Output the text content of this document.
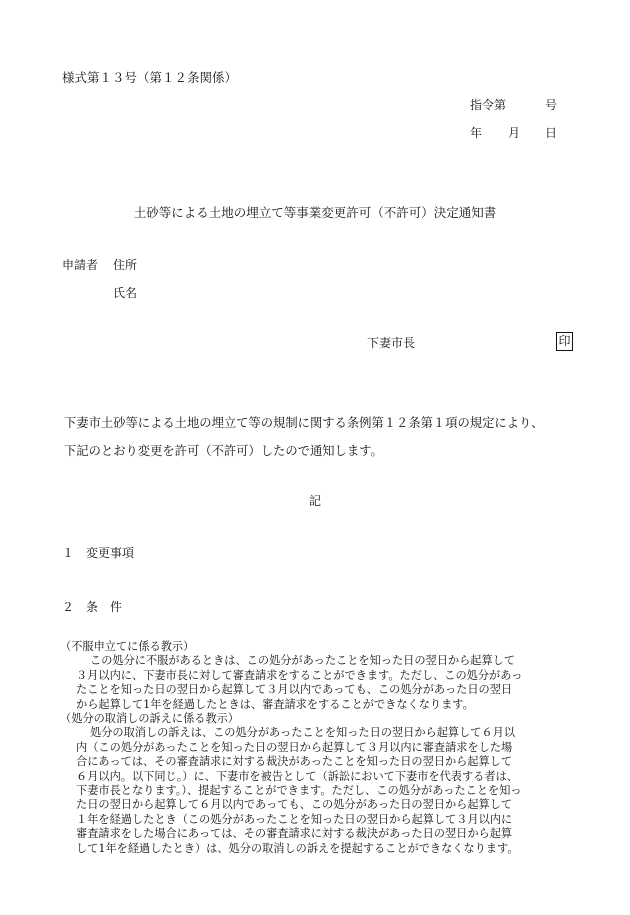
様式第１３号（第１２条関係）
指令第	号
年 月 日
土砂等による土地の埋立て等事業変更許可（不許可）決定通知書
申請者 住所
氏名
下妻市長	印
下妻市土砂等による土地の埋立て等の規制に関する条例第１２条第１項の規定により、
下記のとおり変更を許可（不許可）したので通知します。
記
１ 変更事項
２ 条件
（不服申立てに係る教示）
この処分に不服があるときは、この処分があったことを知った日の翌日から起算して
３月以内に、下妻市長に対して審査請求をすることができます。ただし、この処分があっ
たことを知った日の翌日から起算して３月以内であっても、この処分があった日の翌日
から起算して1年を経過したときは、審査請求をすることができなくなります。
（処分の取消しの訴えに係る教示）
処分の取消しの訴えは、この処分があったことを知った日の翌日から起算して６月以
内（この処分があったことを知った日の翌日から起算して３月以内に審査請求をした場
合にあっては、その審査請求に対する裁決があったことを知った日の翌日から起算して
６月以内。以下同じ。）に、下妻市を被告として（訴訟において下妻市を代表する者は、
下妻市長となります。）、提起することができます。ただし、この処分があったことを知っ
た日の翌日から起算して６月以内であっても、この処分があった日の翌日から起算して
１年を経過したとき（この処分があったことを知った日の翌日から起算して３月以内に
審査請求をした場合にあっては、その審査請求に対する裁決があった日の翌日から起算
して1年を経過したとき）は、処分の取消しの訴えを提起することができなくなります。
